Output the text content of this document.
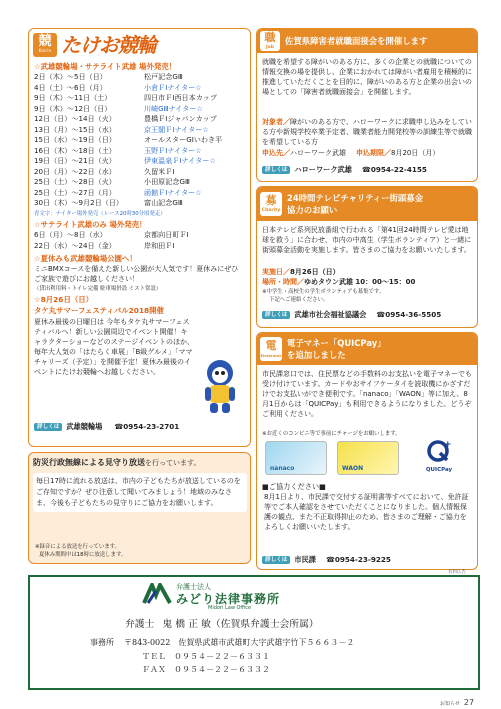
競
Keirin たけお競輪
☆武雄競輪場・サテライト武雄 場外発売！
2日（木）〜5日（日）	松戸記念GⅢ
4日（土）〜6日（月）	小倉ＦⅠナイター☆
9日（木）〜11日（土）	四日市ＦⅠ西日本カップ
9日（木）〜12日（日）	川崎GⅢナイター☆
12日（日）〜14日（火）	豊橋ＦⅠジャパンカップ
13日（月）〜15日（水）	京王閣ＦⅠナイター☆
15日（水）〜19日（日）	オールスターGⅠいわき平
16日（木）〜18日（土）	玉野ＦⅠナイター☆
19日（日）〜21日（火）	伊東温泉ＦⅠナイター☆
20日（月）〜22日（水）	久留米ＦⅠ
25日（土）〜28日（火）	小田原記念GⅢ
25日（土）〜27日（月）	函館ＦⅠナイター☆
30日（木）〜9月2日（日）	富山記念GⅢ
青文字：ナイター場外発売（レース20時30分頃発走）
☆サテライト武雄のみ 場外発売！
6日（月）〜8日（水）	京都向日町ＦⅠ
22日（水）〜24日（金）	岸和田ＦⅠ
☆夏休みも武雄競輪場公園へ！
ミニBMXコースを備えた新しい公園が大人気です！夏休みにぜひご家族で遊びにお越しください！
（貸出利用料・トイレ完備 駐車場併設 ミスト常設）
☆8月26日（日）
タケ丸サマーフェスティバル2018開催
夏休み最後の日曜日は 今年もタケ丸サマーフェスティバルへ！新しい公園周辺でイベント開催！キャラクターショーなどのステージイベントのほか、毎年大人気の「はたらく車展」「B級グルメ」「ママチャリーズ（予定）」を開催予定！夏休み最後のイベントにたけお競輪へお越しください。
詳しくは 武雄競輪場 ☎0954-23-2701
防災行政無線による見守り放送を行っています。
毎日17時に流れる放送は、市内の子どもたちが放送しているのをご存知ですか？ぜひ注意して聞いてみましょう！地域のみなさま、今後も子どもたちの見守りにご協力をお願いします。
※録音による放送を行っています。
夏休み期間中は18時に放送します。
職
Job
佐賀県障害者就職面接会を開催します
就職を希望する障がいのある方に、多くの企業との就職についての情報交換の場を提供し、企業におかれては障がい者雇用を積極的に推進していただくことを目的に、障がいのある方と企業の出会いの場としての「障害者就職面接会」を開催します。
対象者／障がいのある方で、ハローワークに求職申し込みをしている方や新規学校卒業予定者、職業者能力開発校等の訓練生等で就職を希望している方
申込先／ハローワーク武雄 申込期限／8月20日（月）
詳しくは ハローワーク武雄 ☎0954-22-4155
募
Charity
24時間テレビチャリティー街頭募金
協力のお願い
日本テレビ系列民放番組で行われる「第41回24時間テレビ愛は地球を救う」に合わせ、市内の中高生（学生ボランティア）と一緒に街頭募金活動を実施します。皆さまのご協力をお願いいたします。
実施日／8月26日（日）
場所・時間／ゆめタウン武雄 10：00〜15：00
※中学生・高校生の学生ボランティアも募集です。
下記へご連絡ください。
詳しくは 武雄市社会福祉協議会 ☎0954-36-5505
電
Electronic
電子マネー「QUICPay」
を追加しました
市民課窓口では、住民票などの手数料のお支払いを電子マネーでも受け付けています。カードやおサイフケータイを読取機にかざすだけでお支払いができ便利です。「nanaco」「WAON」等に加え、8月1日からは「QUICPay」も利用できるようになりました。どうぞご利用ください。
※お近くのコンビニ等で事前にチャージをお願いします。
nanaco	WAON
+
QUICPay
■ご協力ください■
8月1日より、市民課で交付する証明書等すべてにおいて、免許証等でご本人確認をさせていただくことになりました。個人情報保護の観点、また不正取得抑止のため、皆さまのご理解・ご協力をよろしくお願いいたします。
詳しくは 市民課 ☎0954-23-9225
有料広告
弁護士法人
みどり法律事務所
Midori Law Office
弁護士 鬼 橋 正 敏（佐賀県弁護士会所属）
事務所 〒843-0022　佐賀県武雄市武雄町大字武雄字竹下５６６３－２
ＴＥＬ　０９５４－２２－６３３１
ＦＡＸ　０９５４－２２－６３３２
お知らせ 27
